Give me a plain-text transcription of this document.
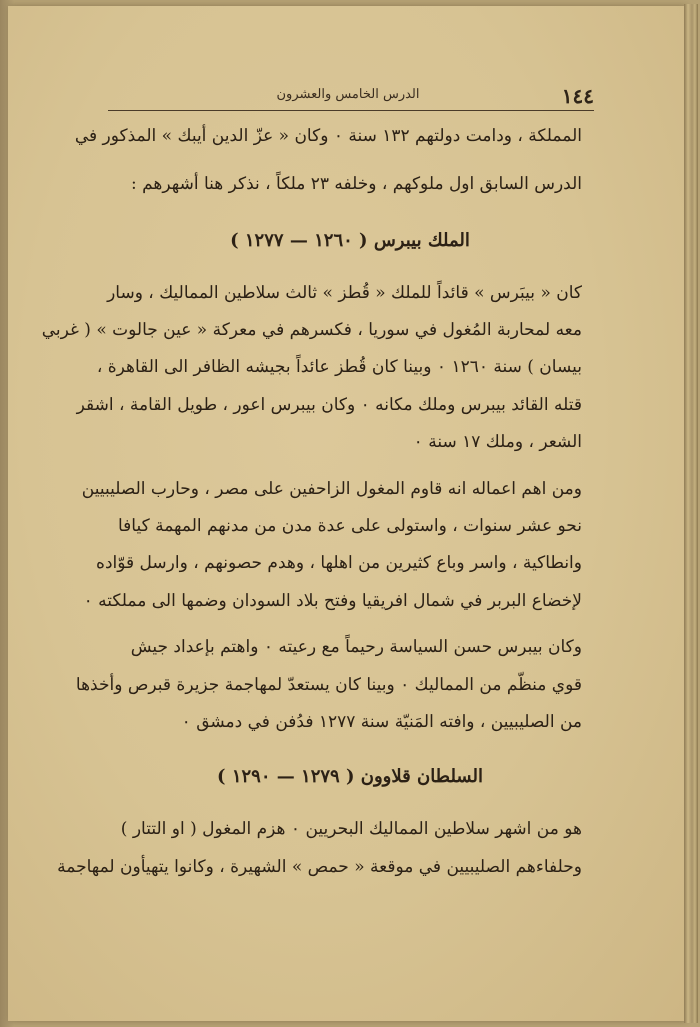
١٤٤
الدرس الخامس والعشرون
المملكة ، ودامت دولتهم ١٣٢ سنة ٠ وكان « عزّ الدين أيبك » المذكور في
الدرس السابق اول ملوكهم ، وخلفه ٢٣ ملكاً ، نذكر هنا أشهرهم :
الملك بيبرس ( ١٢٦٠ — ١٢٧٧ )
كان « بيبَرس » قائداً للملك « قُطز » ثالث سلاطين المماليك ، وسار
معه لمحاربة المُغول في سوريا ، فكسرهم في معركة « عين جالوت » ( غربي
بيسان ) سنة ١٢٦٠ ٠ وبينا كان قُطز عائداً بجيشه الظافر الى القاهرة ،
قتله القائد بيبرس وملك مكانه ٠ وكان بيبرس اعور ، طويل القامة ، اشقر
الشعر ، وملك ١٧ سنة ٠
ومن اهم اعماله انه قاوم المغول الزاحفين على مصر ، وحارب الصليبيين
نحو عشر سنوات ، واستولى على عدة مدن من مدنهم المهمة كيافا
وانطاكية ، واسر وباع كثيرين من اهلها ، وهدم حصونهم ، وارسل قوّاده
لإخضاع البربر في شمال افريقيا وفتح بلاد السودان وضمها الى مملكته ٠
وكان بيبرس حسن السياسة رحيماً مع رعيته ٠ واهتم بإعداد جيش
قوي منظّم من المماليك ٠ وبينا كان يستعدّ لمهاجمة جزيرة قبرص وأخذها
من الصليبيين ، وافته المَنيّة سنة ١٢٧٧ فدُفن في دمشق ٠
السلطان قلاوون ( ١٢٧٩ — ١٢٩٠ )
هو من اشهر سلاطين المماليك البحريين ٠ هزم المغول ( او التتار )
وحلفاءهم الصليبيين في موقعة « حمص » الشهيرة ، وكانوا يتهيأون لمهاجمة
